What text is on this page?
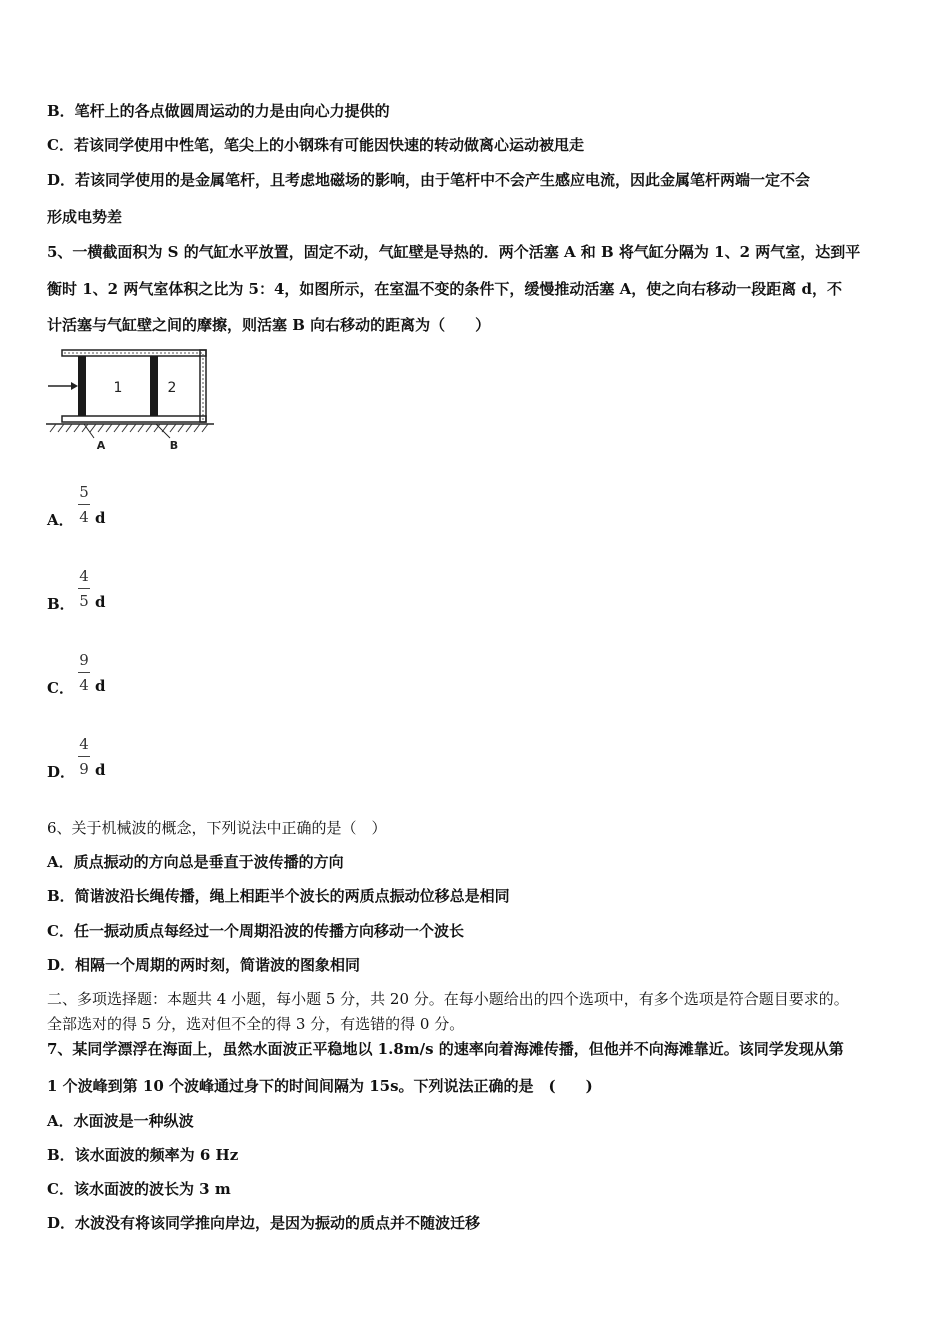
B．笔杆上的各点做圆周运动的力是由向心力提供的
C．若该同学使用中性笔，笔尖上的小钢珠有可能因快速的转动做离心运动被甩走
D．若该同学使用的是金属笔杆，且考虑地磁场的影响，由于笔杆中不会产生感应电流，因此金属笔杆两端一定不会
形成电势差
5、一横截面积为 S 的气缸水平放置，固定不动，气缸壁是导热的．两个活塞 A 和 B 将气缸分隔为 1、2 两气室，达到平
衡时 1、2 两气室体积之比为 5：4，如图所示，在室温不变的条件下，缓慢推动活塞 A，使之向右移动一段距离 d，不
计活塞与气缸壁之间的摩擦，则活塞 B 向右移动的距离为（　　）
1	2
A	B
A．
5
4 d
B．
4
5 d
C．
9
4 d
D．
4
9 d
6、关于机械波的概念，下列说法中正确的是（　）
A．质点振动的方向总是垂直于波传播的方向
B．简谐波沿长绳传播，绳上相距半个波长的两质点振动位移总是相同
C．任一振动质点每经过一个周期沿波的传播方向移动一个波长
D．相隔一个周期的两时刻，简谐波的图象相同
二、多项选择题：本题共 4 小题，每小题 5 分，共 20 分。在每小题给出的四个选项中，有多个选项是符合题目要求的。
全部选对的得 5 分，选对但不全的得 3 分，有选错的得 0 分。
7、某同学漂浮在海面上，虽然水面波正平稳地以 1.8m/s 的速率向着海滩传播，但他并不向海滩靠近。该同学发现从第
1 个波峰到第 10 个波峰通过身下的时间间隔为 15s。下列说法正确的是　(　　)
A．水面波是一种纵波
B．该水面波的频率为 6 Hz
C．该水面波的波长为 3 m
D．水波没有将该同学推向岸边，是因为振动的质点并不随波迁移
